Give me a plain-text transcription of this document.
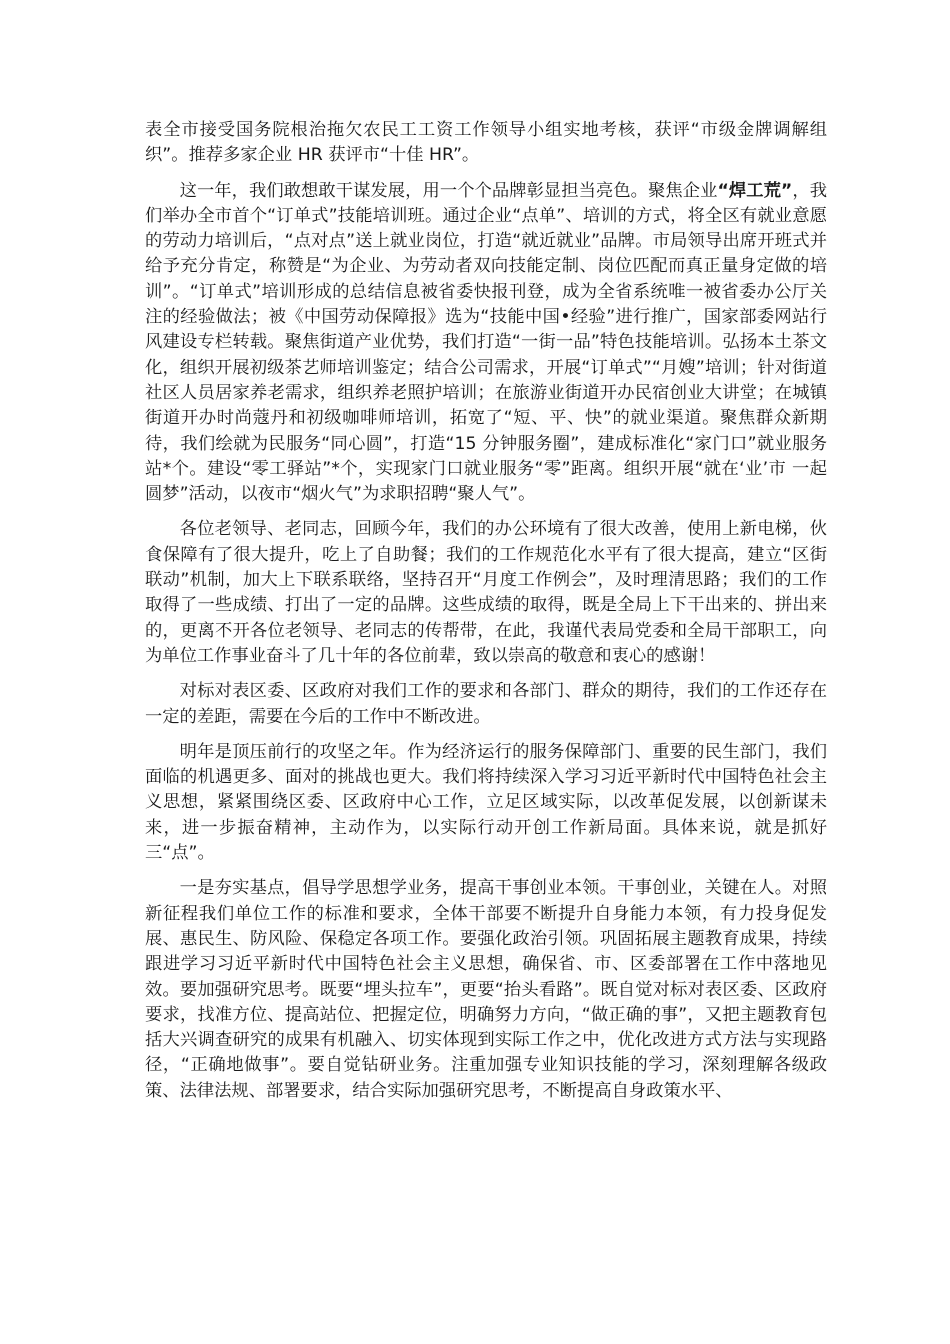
表全市接受国务院根治拖欠农民工工资工作领导小组实地考核，获评“市级金牌调解组织”。推荐多家企业 HR 获评市“十佳 HR”。

这一年，我们敢想敢干谋发展，用一个个品牌彰显担当亮色。聚焦企业“焊工荒”，我们举办全市首个“订单式”技能培训班。通过企业“点单”、培训的方式，将全区有就业意愿的劳动力培训后，“点对点”送上就业岗位，打造“就近就业”品牌。市局领导出席开班式并给予充分肯定，称赞是“为企业、为劳动者双向技能定制、岗位匹配而真正量身定做的培训”。“订单式”培训形成的总结信息被省委快报刊登，成为全省系统唯一被省委办公厅关注的经验做法；被《中国劳动保障报》选为“技能中国•经验”进行推广，国家部委网站行风建设专栏转载。聚焦街道产业优势，我们打造“一街一品”特色技能培训。弘扬本土茶文化，组织开展初级茶艺师培训鉴定；结合公司需求，开展“订单式”“月嫂”培训；针对街道社区人员居家养老需求，组织养老照护培训；在旅游业街道开办民宿创业大讲堂；在城镇街道开办时尚蔻丹和初级咖啡师培训，拓宽了“短、平、快”的就业渠道。聚焦群众新期待，我们绘就为民服务“同心圆”，打造“15 分钟服务圈”，建成标准化“家门口”就业服务站*个。建设“零工驿站”*个，实现家门口就业服务“零”距离。组织开展“就在‘业’市 一起圆梦”活动，以夜市“烟火气”为求职招聘“聚人气”。

各位老领导、老同志，回顾今年，我们的办公环境有了很大改善，使用上新电梯，伙食保障有了很大提升，吃上了自助餐；我们的工作规范化水平有了很大提高，建立“区街联动”机制，加大上下联系联络，坚持召开“月度工作例会”，及时理清思路；我们的工作取得了一些成绩、打出了一定的品牌。这些成绩的取得，既是全局上下干出来的、拼出来的，更离不开各位老领导、老同志的传帮带，在此，我谨代表局党委和全局干部职工，向为单位工作事业奋斗了几十年的各位前辈，致以崇高的敬意和衷心的感谢！

对标对表区委、区政府对我们工作的要求和各部门、群众的期待，我们的工作还存在一定的差距，需要在今后的工作中不断改进。

明年是顶压前行的攻坚之年。作为经济运行的服务保障部门、重要的民生部门，我们面临的机遇更多、面对的挑战也更大。我们将持续深入学习习近平新时代中国特色社会主义思想，紧紧围绕区委、区政府中心工作，立足区域实际，以改革促发展，以创新谋未来，进一步振奋精神，主动作为，以实际行动开创工作新局面。具体来说，就是抓好三“点”。

一是夯实基点，倡导学思想学业务，提高干事创业本领。干事创业，关键在人。对照新征程我们单位工作的标准和要求，全体干部要不断提升自身能力本领，有力投身促发展、惠民生、防风险、保稳定各项工作。要强化政治引领。巩固拓展主题教育成果，持续跟进学习习近平新时代中国特色社会主义思想，确保省、市、区委部署在工作中落地见效。要加强研究思考。既要“埋头拉车”，更要“抬头看路”。既自觉对标对表区委、区政府要求，找准方位、提高站位、把握定位，明确努力方向，“做正确的事”，又把主题教育包括大兴调查研究的成果有机融入、切实体现到实际工作之中，优化改进方式方法与实现路径，“正确地做事”。要自觉钻研业务。注重加强专业知识技能的学习，深刻理解各级政策、法律法规、部署要求，结合实际加强研究思考，不断提高自身政策水平、
